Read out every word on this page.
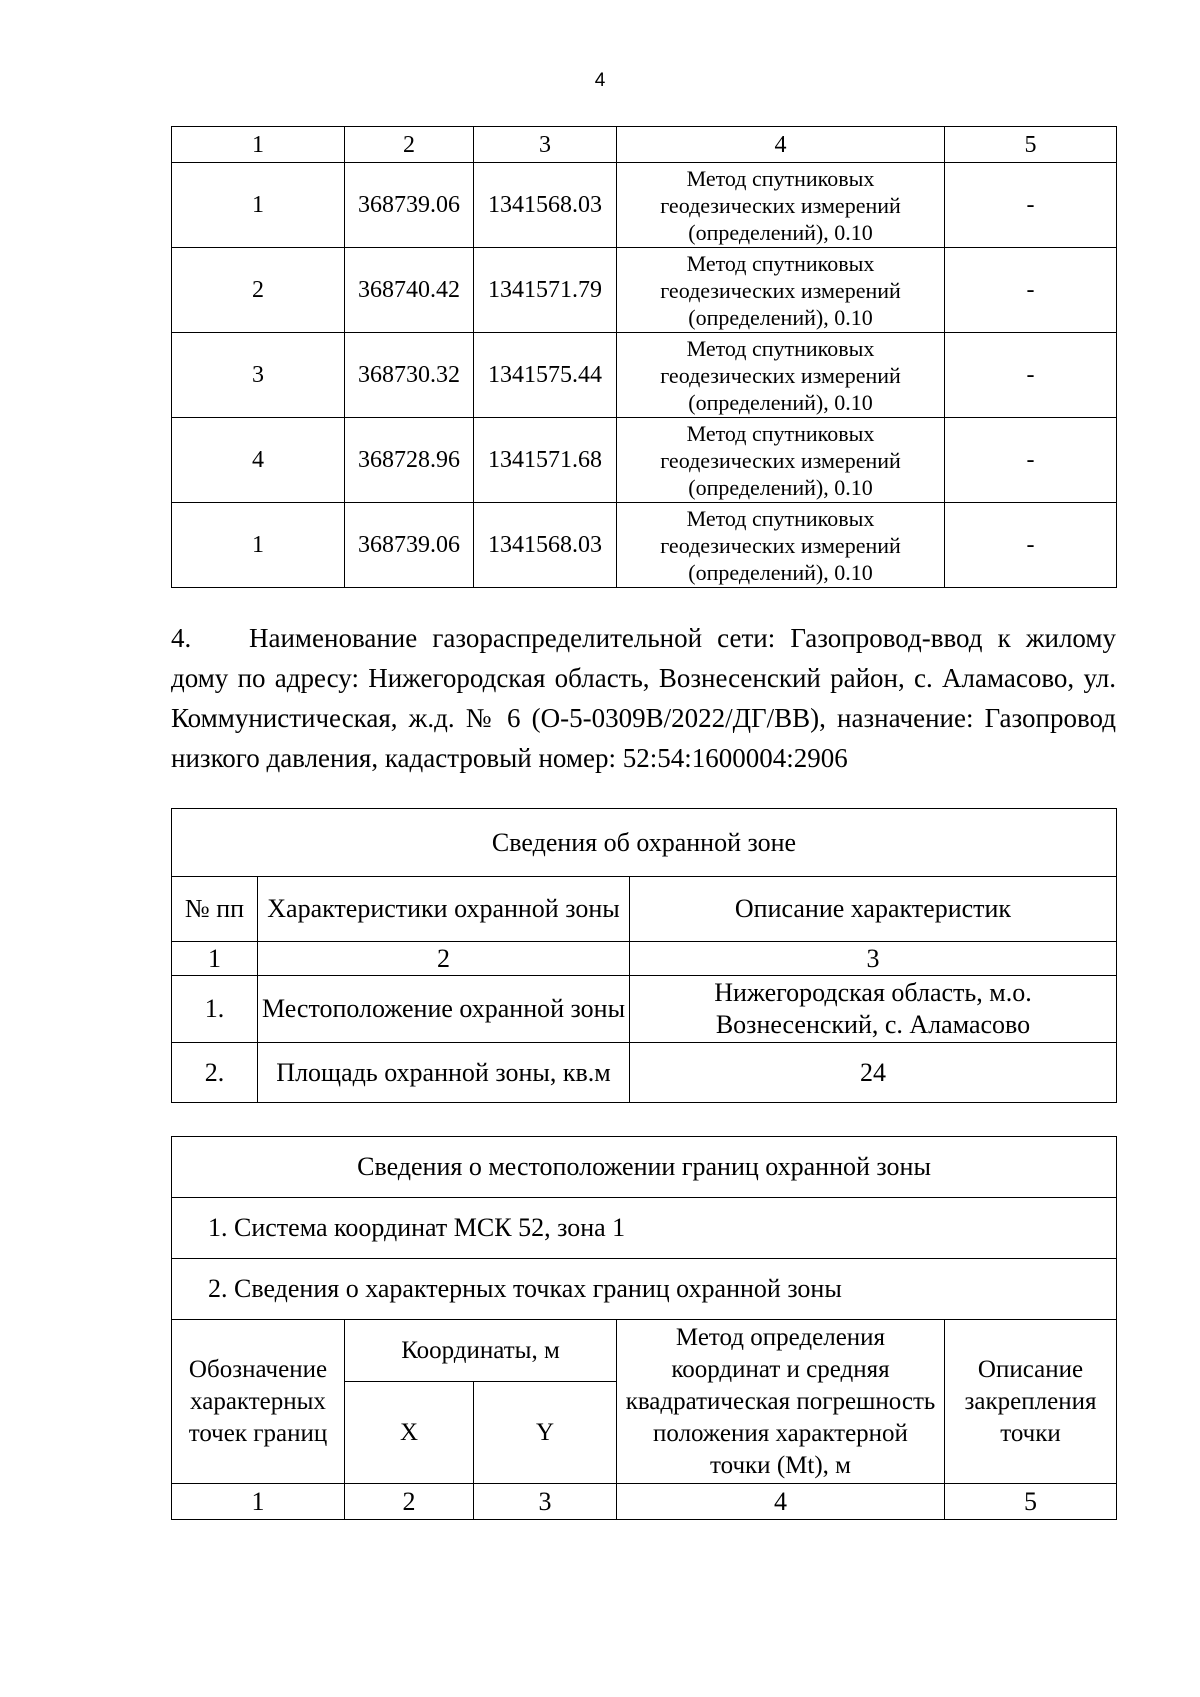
4
1	2	3	4	5
1	368739.06	1341568.03	Метод спутниковых геодезических измерений (определений), 0.10	-
2	368740.42	1341571.79	Метод спутниковых геодезических измерений (определений), 0.10	-
3	368730.32	1341575.44	Метод спутниковых геодезических измерений (определений), 0.10	-
4	368728.96	1341571.68	Метод спутниковых геодезических измерений (определений), 0.10	-
1	368739.06	1341568.03	Метод спутниковых геодезических измерений (определений), 0.10	-
4. Наименование газораспределительной сети: Газопровод-ввод к жилому дому по адресу: Нижегородская область, Вознесенский район, с. Аламасово, ул. Коммунистическая, ж.д. № 6 (О-5-0309В/2022/ДГ/ВВ), назначение: Газопровод низкого давления, кадастровый номер: 52:54:1600004:2906
Сведения об охранной зоне		
№ пп	Характеристики охранной зоны	Описание характеристик
1	2	3
1.	Местоположение охранной зоны	Нижегородская область, м.о. Вознесенский, с. Аламасово
2.	Площадь охранной зоны, кв.м	24
Сведения о местоположении границ охранной зоны				
1. Система координат МСК 52, зона 1				
2. Сведения о характерных точках границ охранной зоны				
Обозначение характерных точек границ	Координаты, м		Метод определения координат и средняя квадратическая погрешность положения характерной точки (Mt), м	Описание закрепления точки
	X	Y		
1	2	3	4	5
